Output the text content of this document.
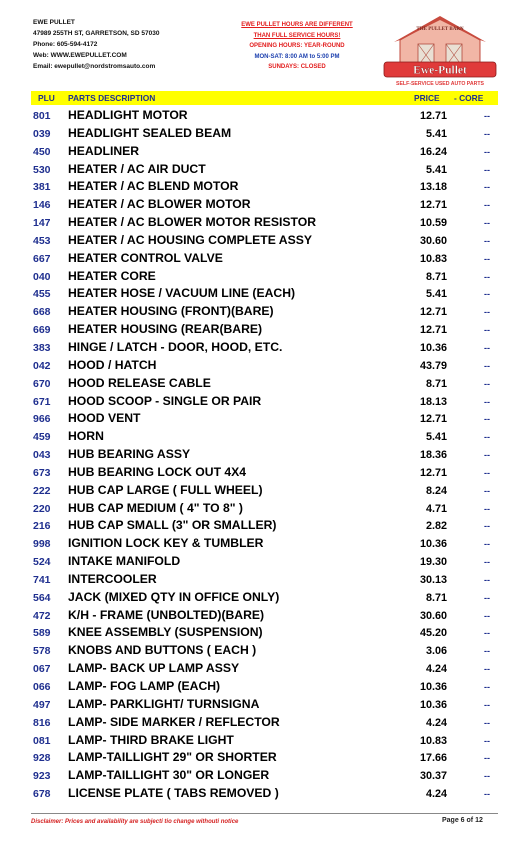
EWE PULLET
47989 255TH ST, GARRETSON, SD 57030
Phone: 605-594-4172
Web: WWW.EWEPULLET.COM
Email: ewepullet@nordstromsauto.com
EWE PULLET HOURS ARE DIFFERENT
THAN FULL SERVICE HOURS!
OPENING HOURS: YEAR-ROUND
MON-SAT: 8:00 AM to 5:00 PM
SUNDAYS: CLOSED
THE PULLET BARN
Ewe-Pullet
SELF-SERVICE USED AUTO PARTS
PLU PARTS DESCRIPTION	PRICE - CORE
801	HEADLIGHT MOTOR	12.71	--
039	HEADLIGHT SEALED BEAM	5.41	--
450	HEADLINER	16.24	--
530	HEATER / AC AIR DUCT	5.41	--
381	HEATER / AC BLEND MOTOR	13.18	--
146	HEATER / AC BLOWER MOTOR	12.71	--
147	HEATER / AC BLOWER MOTOR RESISTOR	10.59	--
453	HEATER / AC HOUSING COMPLETE ASSY	30.60	--
667	HEATER CONTROL VALVE	10.83	--
040	HEATER CORE	8.71	--
455	HEATER HOSE / VACUUM LINE (EACH)	5.41	--
668	HEATER HOUSING (FRONT)(BARE)	12.71	--
669	HEATER HOUSING (REAR(BARE)	12.71	--
383	HINGE / LATCH - DOOR, HOOD, ETC.	10.36	--
042	HOOD / HATCH	43.79	--
670	HOOD RELEASE CABLE	8.71	--
671	HOOD SCOOP - SINGLE OR PAIR	18.13	--
966	HOOD VENT	12.71	--
459	HORN	5.41	--
043	HUB BEARING ASSY	18.36	--
673	HUB BEARING LOCK OUT 4X4	12.71	--
222	HUB CAP LARGE ( FULL WHEEL)	8.24	--
220	HUB CAP MEDIUM ( 4" TO 8" )	4.71	--
216	HUB CAP SMALL (3" OR SMALLER)	2.82	--
998	IGNITION LOCK KEY & TUMBLER	10.36	--
524	INTAKE MANIFOLD	19.30	--
741	INTERCOOLER	30.13	--
564	JACK (MIXED QTY IN OFFICE ONLY)	8.71	--
472	K/H - FRAME (UNBOLTED)(BARE)	30.60	--
589	KNEE ASSEMBLY (SUSPENSION)	45.20	--
578	KNOBS AND BUTTONS ( EACH )	3.06	--
067	LAMP- BACK UP LAMP ASSY	4.24	--
066	LAMP- FOG LAMP (EACH)	10.36	--
497	LAMP- PARKLIGHT/ TURNSIGNA	10.36	--
816	LAMP- SIDE MARKER / REFLECTOR	4.24	--
081	LAMP- THIRD BRAKE LIGHT	10.83	--
928	LAMP-TAILLIGHT 29" OR SHORTER	17.66	--
923	LAMP-TAILLIGHT 30" OR LONGER	30.37	--
678	LICENSE PLATE ( TABS REMOVED )	4.24	--
Disclaimer: Prices and availability are subjecti tio change withouti notice	Page 6 of 12
